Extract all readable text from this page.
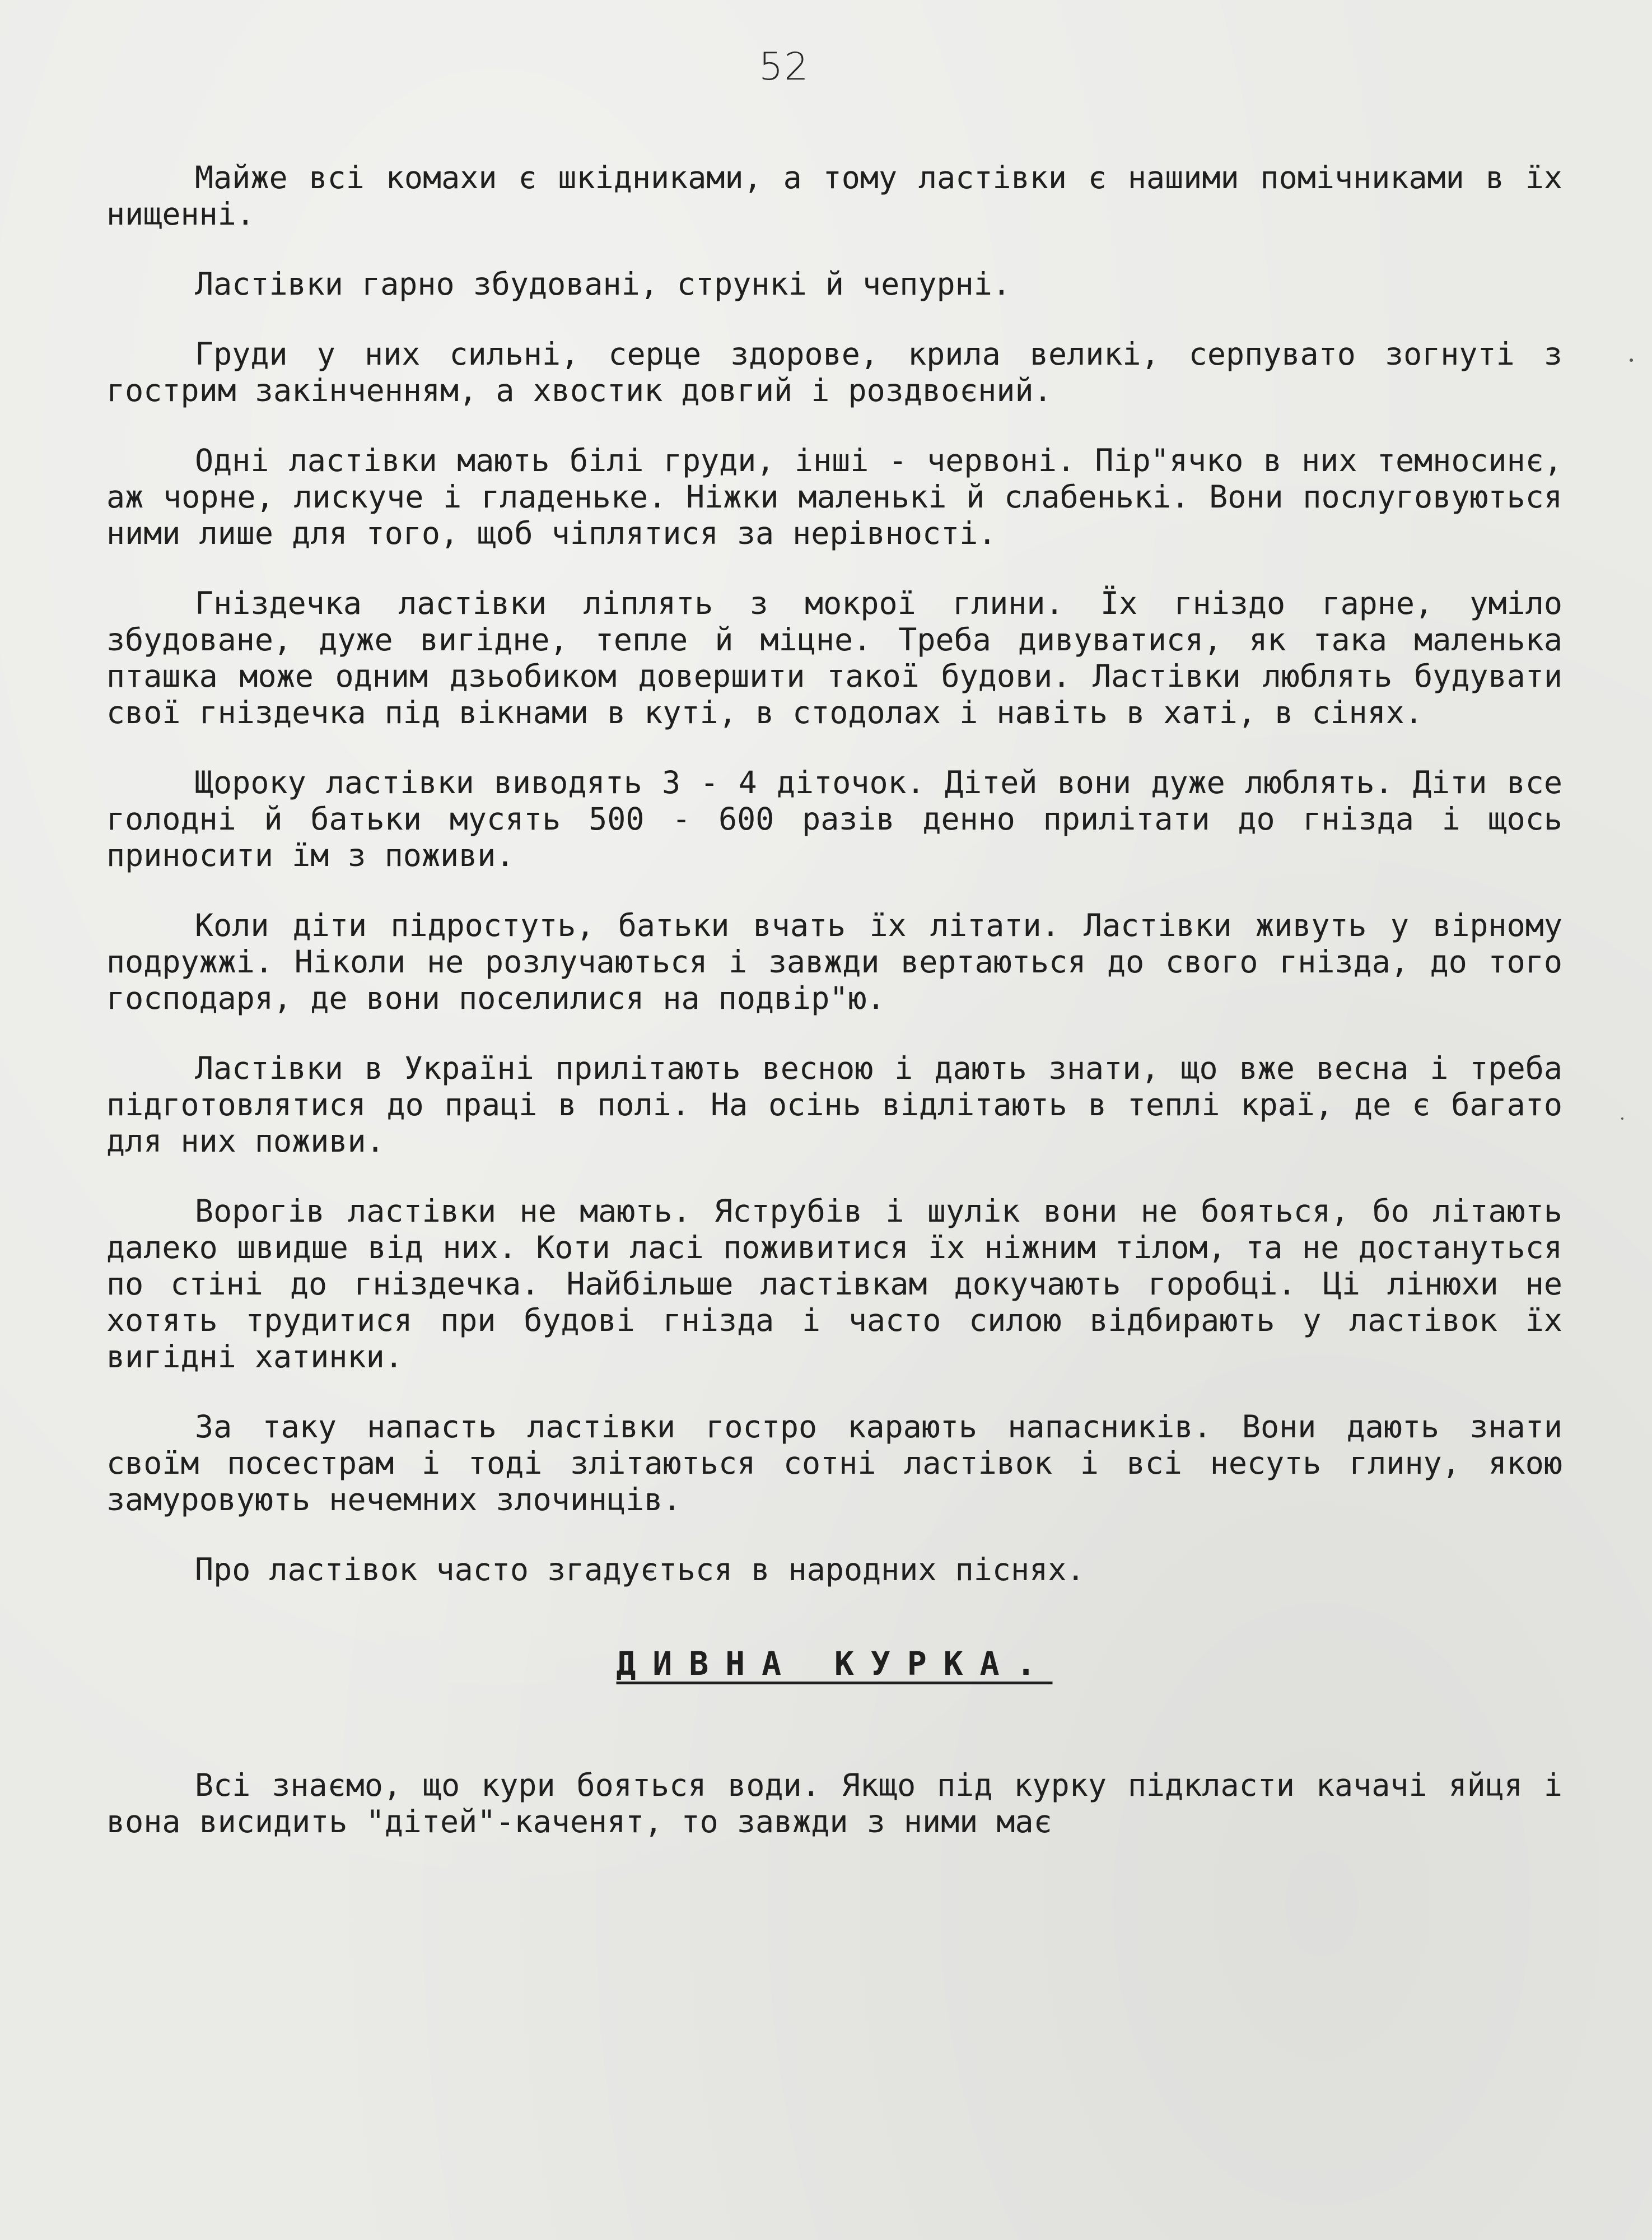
52

Майже всі комахи є шкідниками, а тому ластівки є нашими помічниками в їх нищенні.

Ластівки гарно збудовані, стрункі й чепурні.

Груди у них сильні, серце здорове, крила великі, серпувато зогнуті з гострим закінченням, а хвостик довгий і роздвоєний.

Одні ластівки мають білі груди, інші - червоні. Пір"ячко в них темносинє, аж чорне, лискуче і гладеньке. Ніжки маленькі й слабенькі. Вони послуговуються ними лише для того, щоб чіплятися за нерівності.

Гніздечка ластівки ліплять з мокрої глини. Їх гніздо гарне, уміло збудоване, дуже вигідне, тепле й міцне. Треба дивуватися, як така маленька пташка може одним дзьобиком довершити такої будови. Ластівки люблять будувати свої гніздечка під вікнами в куті, в стодолах і навіть в хаті, в сінях.

Щороку ластівки виводять 3 - 4 діточок. Дітей вони дуже люблять. Діти все голодні й батьки мусять 500 - 600 разів денно прилітати до гнізда і щось приносити їм з поживи.

Коли діти підростуть, батьки вчать їх літати. Ластівки живуть у вірному подружжі. Ніколи не розлучаються і завжди вертаються до свого гнізда, до того господаря, де вони поселилися на подвір"ю.

Ластівки в Україні прилітають весною і дають знати, що вже весна і треба підготовлятися до праці в полі. На осінь відлітають в теплі краї, де є багато для них поживи.

Ворогів ластівки не мають. Яструбів і шулік вони не бояться, бо літають далеко швидше від них. Коти ласі поживитися їх ніжним тілом, та не достануться по стіні до гніздечка. Найбільше ластівкам докучають горобці. Ці лінюхи не хотять трудитися при будові гнізда і часто силою відбирають у ластівок їх вигідні хатинки.

За таку напасть ластівки гостро карають напасників. Вони дають знати своїм посестрам і тоді злітаються сотні ластівок і всі несуть глину, якою замуровують нечемних злочинців.

Про ластівок часто згадується в народних піснях.

ДИВНА КУРКА.

Всі знаємо, що кури бояться води. Якщо під курку підкласти качачі яйця і вона висидить "дітей"-каченят, то завжди з ними має
